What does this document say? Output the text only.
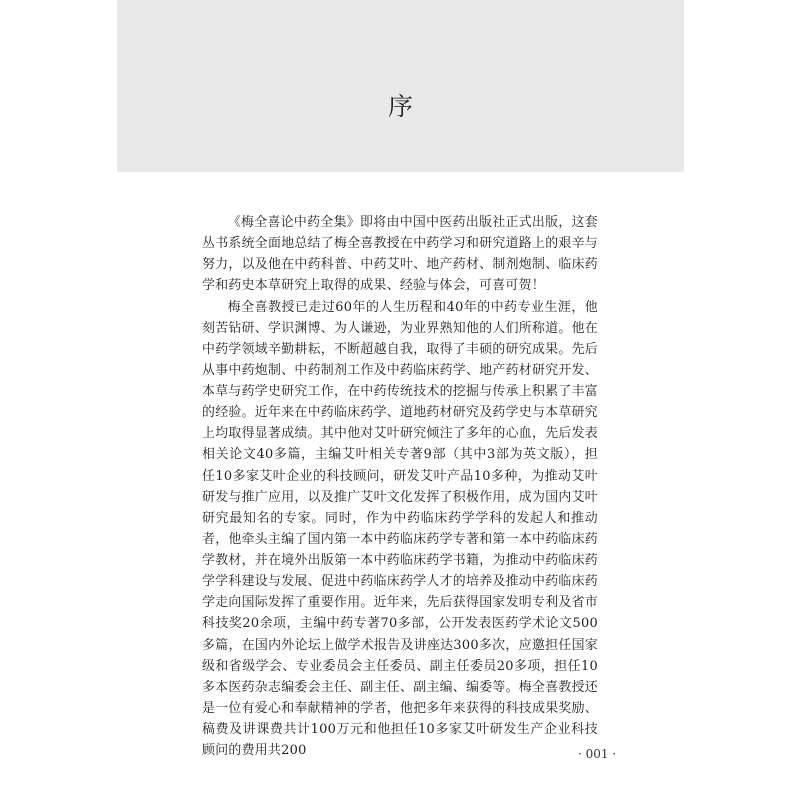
序

《梅全喜论中药全集》即将由中国中医药出版社正式出版，这套丛书系统全面地总结了梅全喜教授在中药学习和研究道路上的艰辛与努力，以及他在中药科普、中药艾叶、地产药材、制剂炮制、临床药学和药史本草研究上取得的成果、经验与体会，可喜可贺！

梅全喜教授已走过60年的人生历程和40年的中药专业生涯，他刻苦钻研、学识渊博、为人谦逊，为业界熟知他的人们所称道。他在中药学领域辛勤耕耘，不断超越自我，取得了丰硕的研究成果。先后从事中药炮制、中药制剂工作及中药临床药学、地产药材研究开发、本草与药学史研究工作，在中药传统技术的挖掘与传承上积累了丰富的经验。近年来在中药临床药学、道地药材研究及药学史与本草研究上均取得显著成绩。其中他对艾叶研究倾注了多年的心血，先后发表相关论文40多篇，主编艾叶相关专著9部（其中3部为英文版），担任10多家艾叶企业的科技顾问，研发艾叶产品10多种，为推动艾叶研发与推广应用，以及推广艾叶文化发挥了积极作用，成为国内艾叶研究最知名的专家。同时，作为中药临床药学学科的发起人和推动者，他牵头主编了国内第一本中药临床药学专著和第一本中药临床药学教材，并在境外出版第一本中药临床药学书籍，为推动中药临床药学学科建设与发展、促进中药临床药学人才的培养及推动中药临床药学走向国际发挥了重要作用。近年来，先后获得国家发明专利及省市科技奖20余项，主编中药专著70多部，公开发表医药学术论文500多篇，在国内外论坛上做学术报告及讲座达300多次，应邀担任国家级和省级学会、专业委员会主任委员、副主任委员20多项，担任10多本医药杂志编委会主任、副主任、副主编、编委等。梅全喜教授还是一位有爱心和奉献精神的学者，他把多年来获得的科技成果奖励、稿费及讲课费共计100万元和他担任10多家艾叶研发生产企业科技顾问的费用共200	· 001 ·
